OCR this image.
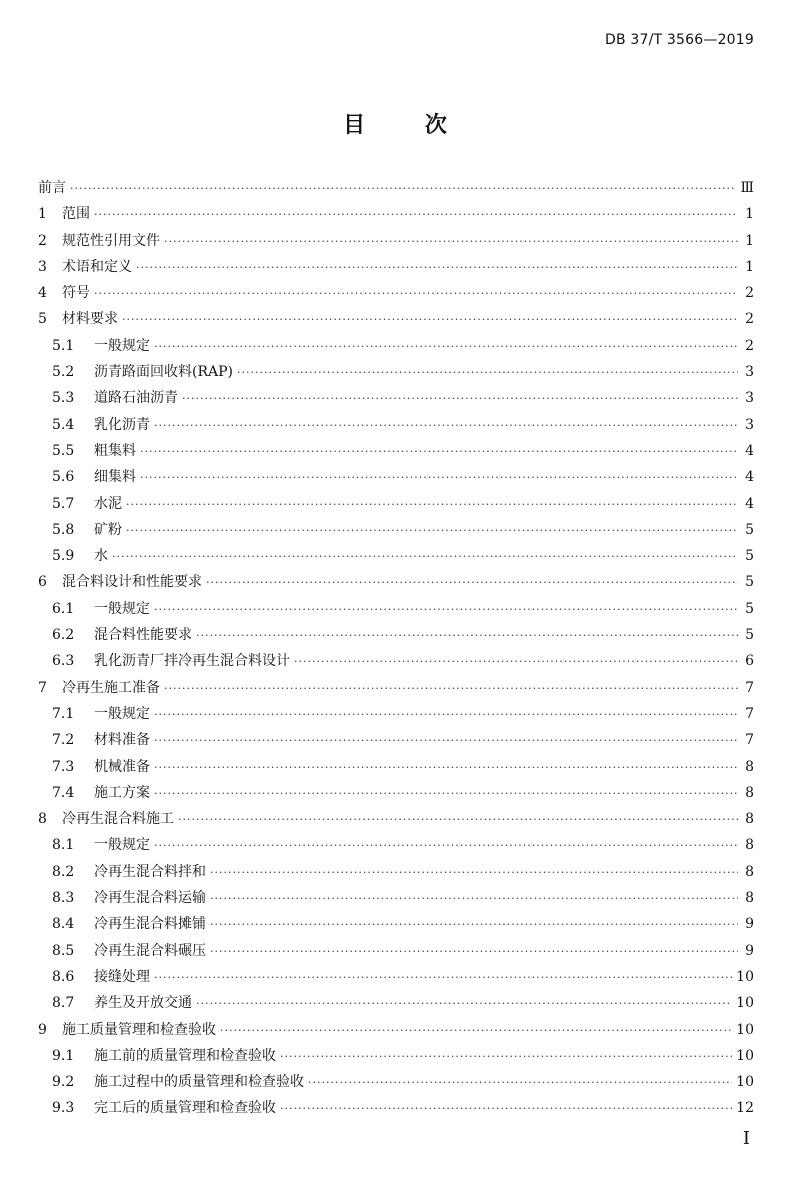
DB 37/T 3566—2019
目	次
前言 ·····	Ⅲ
1	范围 ·····	1
2	规范性引用文件 ·····	1
3	术语和定义 ·····	1
4	符号 ·····	2
5	材料要求 ·····	2
5.1	一般规定 ·····	2
5.2	沥青路面回收料(RAP) ·····	3
5.3	道路石油沥青 ·····	3
5.4	乳化沥青 ·····	3
5.5	粗集料 ·····	4
5.6	细集料 ·····	4
5.7	水泥 ·····	4
5.8	矿粉 ·····	5
5.9	水 ·····	5
6	混合料设计和性能要求 ·····	5
6.1	一般规定 ·····	5
6.2	混合料性能要求 ·····	5
6.3	乳化沥青厂拌冷再生混合料设计 ·····	6
7	冷再生施工准备 ·····	7
7.1	一般规定 ·····	7
7.2	材料准备 ·····	7
7.3	机械准备 ·····	8
7.4	施工方案 ·····	8
8	冷再生混合料施工 ·····	8
8.1	一般规定 ·····	8
8.2	冷再生混合料拌和 ·····	8
8.3	冷再生混合料运输 ·····	8
8.4	冷再生混合料摊铺 ·····	9
8.5	冷再生混合料碾压 ·····	9
8.6	接缝处理 ·····	10
8.7	养生及开放交通 ·····	10
9	施工质量管理和检查验收 ·····	10
9.1	施工前的质量管理和检查验收 ·····	10
9.2	施工过程中的质量管理和检查验收 ·····	10
9.3	完工后的质量管理和检查验收 ·····	12
I
